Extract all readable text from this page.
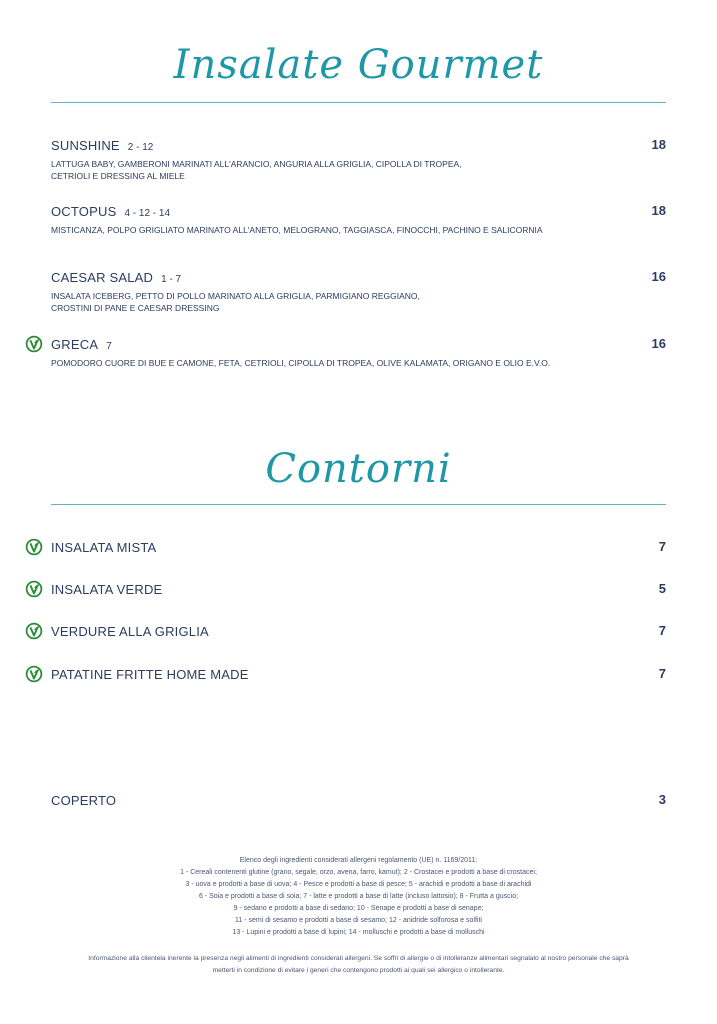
Insalate Gourmet
SUNSHINE 2 - 12	18
LATTUGA BABY, GAMBERONI MARINATI ALL'ARANCIO, ANGURIA ALLA GRIGLIA, CIPOLLA DI TROPEA,
CETRIOLI E DRESSING AL MIELE
OCTOPUS 4 - 12 - 14	18
MISTICANZA, POLPO GRIGLIATO MARINATO ALL'ANETO, MELOGRANO, TAGGIASCA, FINOCCHI, PACHINO E SALICORNIA
CAESAR SALAD 1 - 7	16
INSALATA ICEBERG, PETTO DI POLLO MARINATO ALLA GRIGLIA, PARMIGIANO REGGIANO,
CROSTINI DI PANE E CAESAR DRESSING
GRECA 7	16
POMODORO CUORE DI BUE E CAMONE, FETA, CETRIOLI, CIPOLLA DI TROPEA, OLIVE KALAMATA, ORIGANO E OLIO E.V.O.
Contorni
INSALATA MISTA	7
INSALATA VERDE	5
VERDURE ALLA GRIGLIA	7
PATATINE FRITTE HOME MADE	7
COPERTO	3
Elenco degli ingredienti considerati allergeni regolamento (UE) n. 1169/2011:
1 - Cereali contenenti glutine (grano, segale, orzo, avena, farro, kamut); 2 - Crostacei e prodotti a base di crostacei;
3 - uova e prodotti a base di uova; 4 - Pesce e prodotti a base di pesce; 5 - arachidi e prodotti a base di arachidi
6 - Soia e prodotti a base di soia; 7 - latte e prodotti a base di latte (incluso lattosio); 8 - Frutta a guscio;
9 - sedano e prodotti a base di sedano; 10 - Senape e prodotti a base di senape;
11 - semi di sesamo e prodotti a base di sesamo; 12 - anidride solforosa e solfiti
13 - Lupini e prodotti a base di lupini; 14 - molluschi e prodotti a base di molluschi
Informazione alla clientela inerente la presenza negli alimenti di ingredienti considerati allergeni. Se soffri di allergie o di intolleranze alimentari segnalalo al nostro personale che saprà
metterti in condizione di evitare i generi che contengono prodotti ai quali sei allergico o intollerante.
